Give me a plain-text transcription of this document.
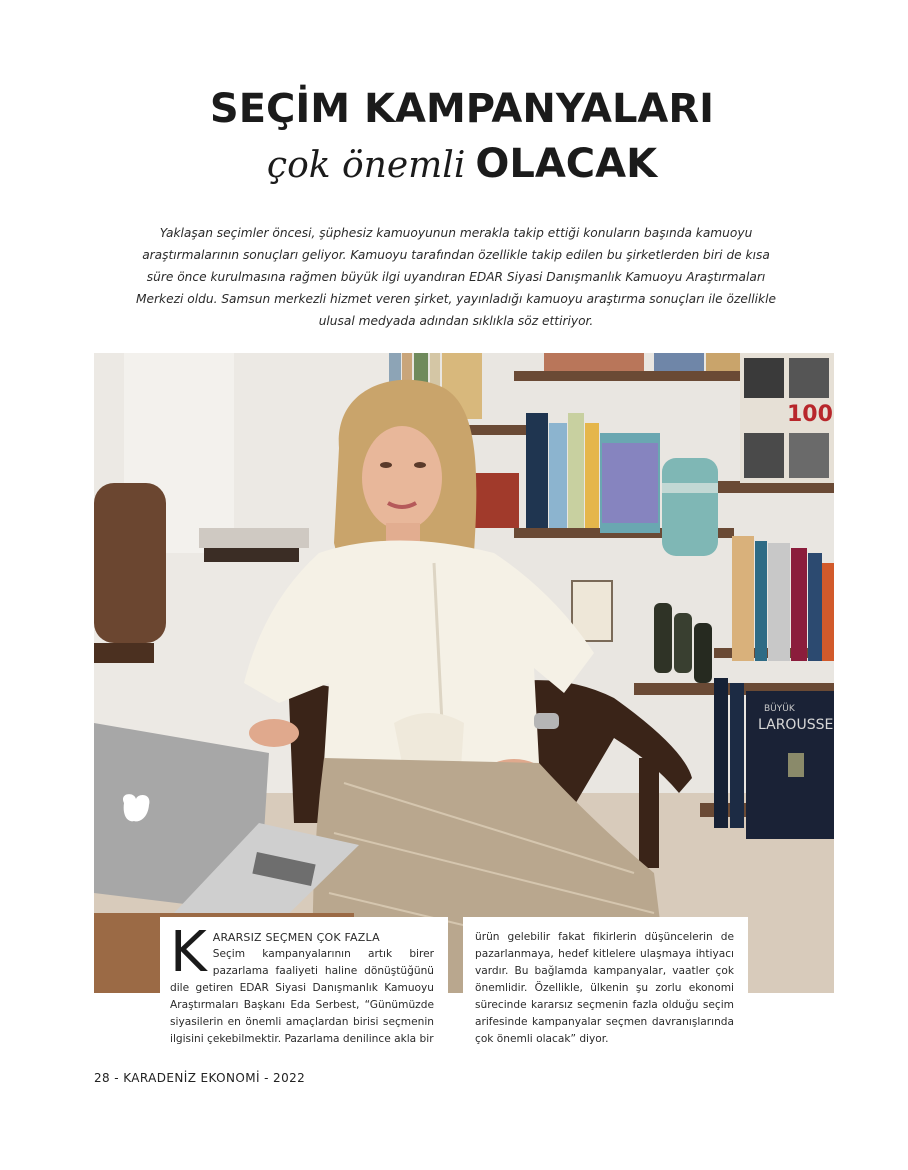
SEÇİM KAMPANYALARI
çok önemli OLACAK
Yaklaşan seçimler öncesi, şüphesiz kamuoyunun merakla takip ettiği konuların başında kamuoyu araştırmalarının sonuçları geliyor. Kamuoyu tarafından özellikle takip edilen bu şirketlerden biri de kısa süre önce kurulmasına rağmen büyük ilgi uyandıran EDAR Siyasi Danışmanlık Kamuoyu Araştırmaları Merkezi oldu. Samsun merkezli hizmet veren şirket, yayınladığı kamuoyu araştırma sonuçları ile özellikle ulusal medyada adından sıklıkla söz ettiriyor.
100
BÜYÜK
LAROUSSE
K ARARSIZ SEÇMEN ÇOK FAZLA
Seçim kampanyalarının artık birer pazarlama faaliyeti haline dönüştüğünü dile getiren EDAR Siyasi Danışmanlık Kamuoyu Araştırmaları Başkanı Eda Serbest, “Günümüzde siyasilerin en önemli amaçlardan birisi seçmenin ilgisini çekebilmektir. Pazarlama denilince akla bir
ürün gelebilir fakat fikirlerin düşüncelerin de pazarlanmaya, hedef kitlelere ulaşmaya ihtiyacı vardır. Bu bağlamda kampanyalar, vaatler çok önemlidir. Özellikle, ülkenin şu zorlu ekonomi sürecinde kararsız seçmenin fazla olduğu seçim arifesinde kampanyalar seçmen davranışlarında çok önemli olacak” diyor.
28 - KARADENİZ EKONOMİ - 2022
